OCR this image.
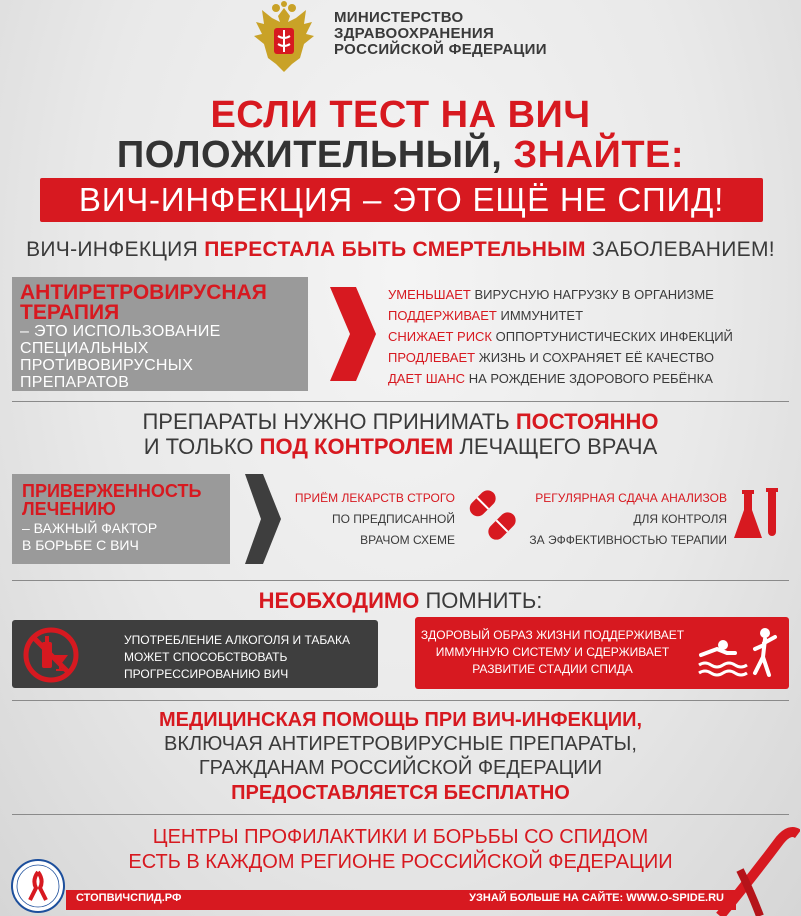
МИНИСТЕРСТВО
ЗДРАВООХРАНЕНИЯ
РОССИЙСКОЙ ФЕДЕРАЦИИ
ЕСЛИ ТЕСТ НА ВИЧ
ПОЛОЖИТЕЛЬНЫЙ, ЗНАЙТЕ:
ВИЧ-ИНФЕКЦИЯ – ЭТО ЕЩЁ НЕ СПИД!
ВИЧ-ИНФЕКЦИЯ ПЕРЕСТАЛА БЫТЬ СМЕРТЕЛЬНЫМ ЗАБОЛЕВАНИЕМ!
АНТИРЕТРОВИРУСНАЯ
ТЕРАПИЯ
– ЭТО ИСПОЛЬЗОВАНИЕ
СПЕЦИАЛЬНЫХ
ПРОТИВОВИРУСНЫХ
ПРЕПАРАТОВ
УМЕНЬШАЕТ ВИРУСНУЮ НАГРУЗКУ В ОРГАНИЗМЕ
ПОДДЕРЖИВАЕТ ИММУНИТЕТ
СНИЖАЕТ РИСК ОППОРТУНИСТИЧЕСКИХ ИНФЕКЦИЙ
ПРОДЛЕВАЕТ ЖИЗНЬ И СОХРАНЯЕТ ЕЁ КАЧЕСТВО
ДАЕТ ШАНС НА РОЖДЕНИЕ ЗДОРОВОГО РЕБЁНКА
ПРЕПАРАТЫ НУЖНО ПРИНИМАТЬ ПОСТОЯННО
И ТОЛЬКО ПОД КОНТРОЛЕМ ЛЕЧАЩЕГО ВРАЧА
ПРИВЕРЖЕННОСТЬ
ЛЕЧЕНИЮ
– ВАЖНЫЙ ФАКТОР
В БОРЬБЕ С ВИЧ
ПРИЁМ ЛЕКАРСТВ СТРОГО
ПО ПРЕДПИСАННОЙ
ВРАЧОМ СХЕМЕ
РЕГУЛЯРНАЯ СДАЧА АНАЛИЗОВ
ДЛЯ КОНТРОЛЯ
ЗА ЭФФЕКТИВНОСТЬЮ ТЕРАПИИ
НЕОБХОДИМО ПОМНИТЬ:
УПОТРЕБЛЕНИЕ АЛКОГОЛЯ И ТАБАКА
МОЖЕТ СПОСОБСТВОВАТЬ
ПРОГРЕССИРОВАНИЮ ВИЧ
ЗДОРОВЫЙ ОБРАЗ ЖИЗНИ ПОДДЕРЖИВАЕТ
ИММУННУЮ СИСТЕМУ И СДЕРЖИВАЕТ
РАЗВИТИЕ СТАДИИ СПИДА
МЕДИЦИНСКАЯ ПОМОЩЬ ПРИ ВИЧ-ИНФЕКЦИИ,
ВКЛЮЧАЯ АНТИРЕТРОВИРУСНЫЕ ПРЕПАРАТЫ,
ГРАЖДАНАМ РОССИЙСКОЙ ФЕДЕРАЦИИ
ПРЕДОСТАВЛЯЕТСЯ БЕСПЛАТНО
ЦЕНТРЫ ПРОФИЛАКТИКИ И БОРЬБЫ СО СПИДОМ
ЕСТЬ В КАЖДОМ РЕГИОНЕ РОССИЙСКОЙ ФЕДЕРАЦИИ
СТОПВИЧСПИД.РФ	УЗНАЙ БОЛЬШЕ НА САЙТЕ: WWW.O-SPIDE.RU
